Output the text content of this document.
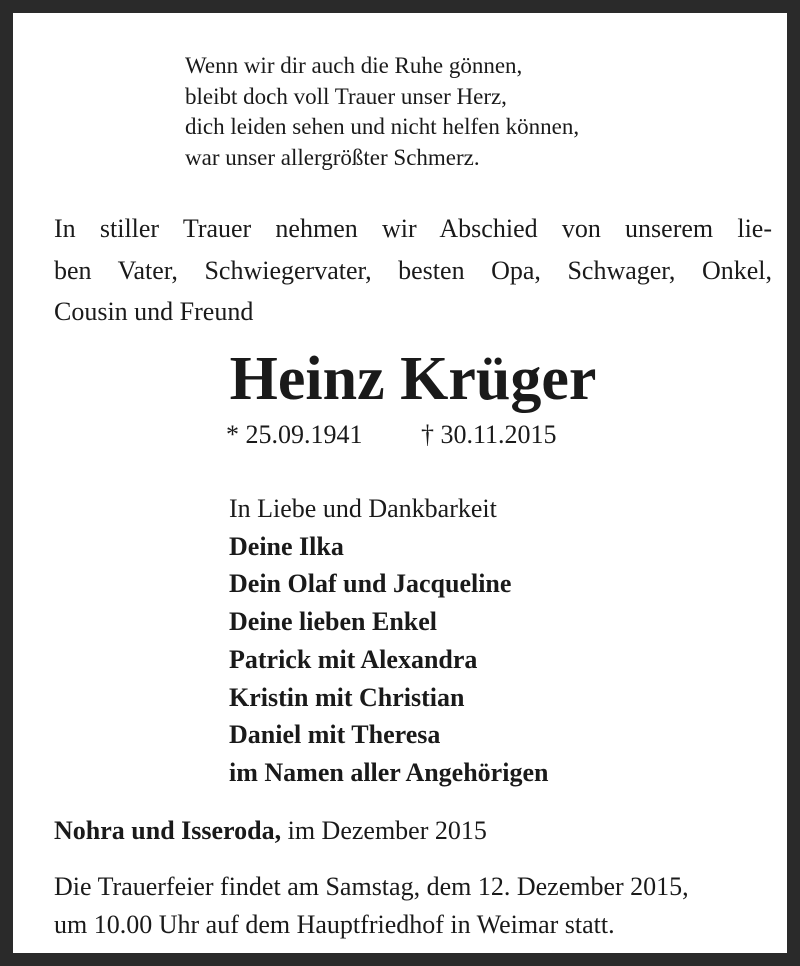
Wenn wir dir auch die Ruhe gönnen,
bleibt doch voll Trauer unser Herz,
dich leiden sehen und nicht helfen können,
war unser allergrößter Schmerz.
In stiller Trauer nehmen wir Abschied von unserem lie-
ben Vater, Schwiegervater, besten Opa, Schwager, Onkel,
Cousin und Freund
Heinz Krüger
* 25.09.1941 † 30.11.2015
In Liebe und Dankbarkeit
Deine Ilka
Dein Olaf und Jacqueline
Deine lieben Enkel
Patrick mit Alexandra
Kristin mit Christian
Daniel mit Theresa
im Namen aller Angehörigen
Nohra und Isseroda, im Dezember 2015
Die Trauerfeier findet am Samstag, dem 12. Dezember 2015,
um 10.00 Uhr auf dem Hauptfriedhof in Weimar statt.
